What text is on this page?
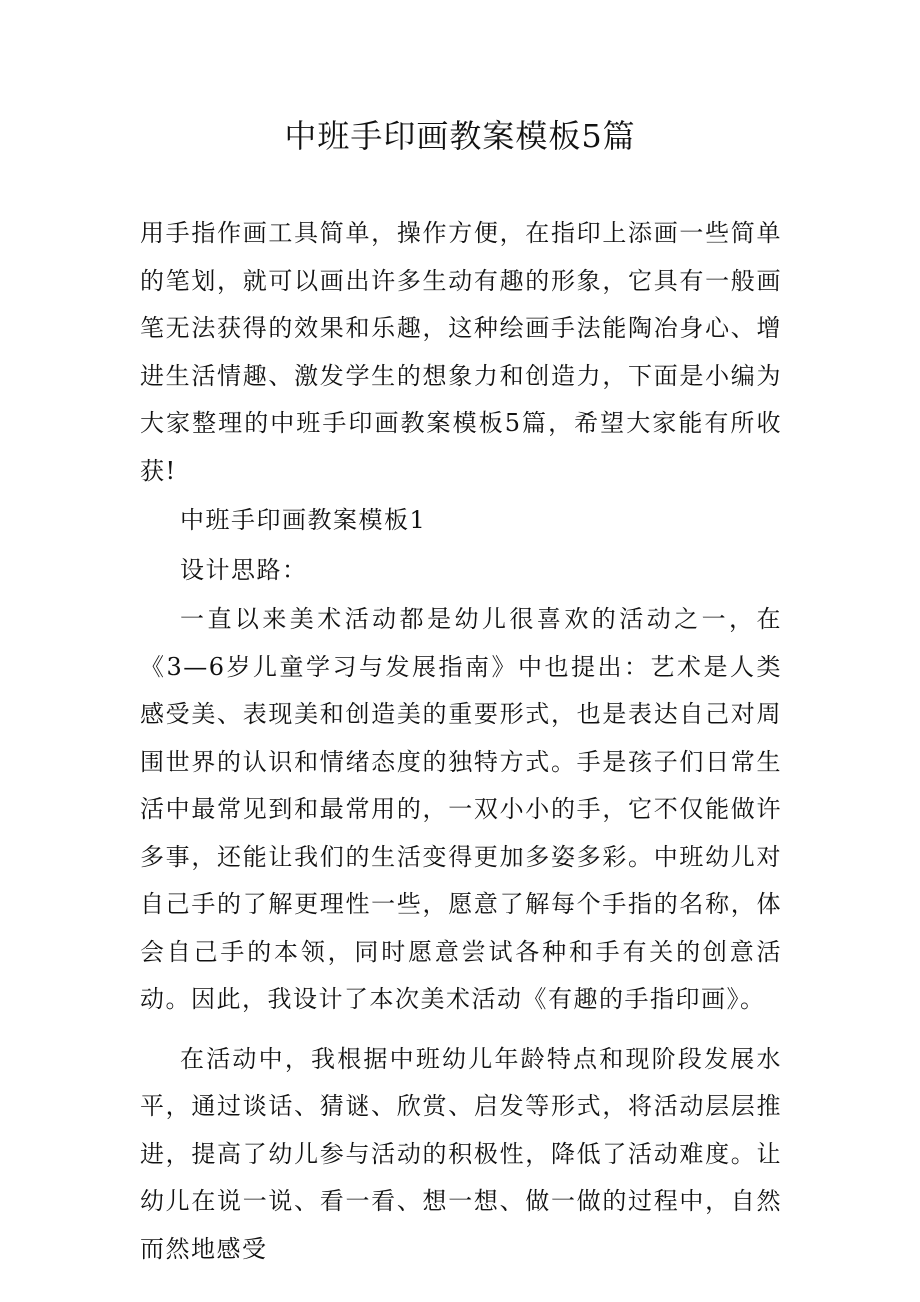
中班手印画教案模板5篇

用手指作画工具简单，操作方便，在指印上添画一些简单的笔划，就可以画出许多生动有趣的形象，它具有一般画笔无法获得的效果和乐趣，这种绘画手法能陶冶身心、增进生活情趣、激发学生的想象力和创造力，下面是小编为大家整理的中班手印画教案模板5篇，希望大家能有所收获!

中班手印画教案模板1

设计思路：

一直以来美术活动都是幼儿很喜欢的活动之一，在《3—6岁儿童学习与发展指南》中也提出：艺术是人类感受美、表现美和创造美的重要形式，也是表达自己对周围世界的认识和情绪态度的独特方式。手是孩子们日常生活中最常见到和最常用的，一双小小的手，它不仅能做许多事，还能让我们的生活变得更加多姿多彩。中班幼儿对自己手的了解更理性一些，愿意了解每个手指的名称，体会自己手的本领，同时愿意尝试各种和手有关的创意活动。因此，我设计了本次美术活动《有趣的手指印画》。

在活动中，我根据中班幼儿年龄特点和现阶段发展水平，通过谈话、猜谜、欣赏、启发等形式，将活动层层推进，提高了幼儿参与活动的积极性，降低了活动难度。让幼儿在说一说、看一看、想一想、做一做的过程中，自然而然地感受
